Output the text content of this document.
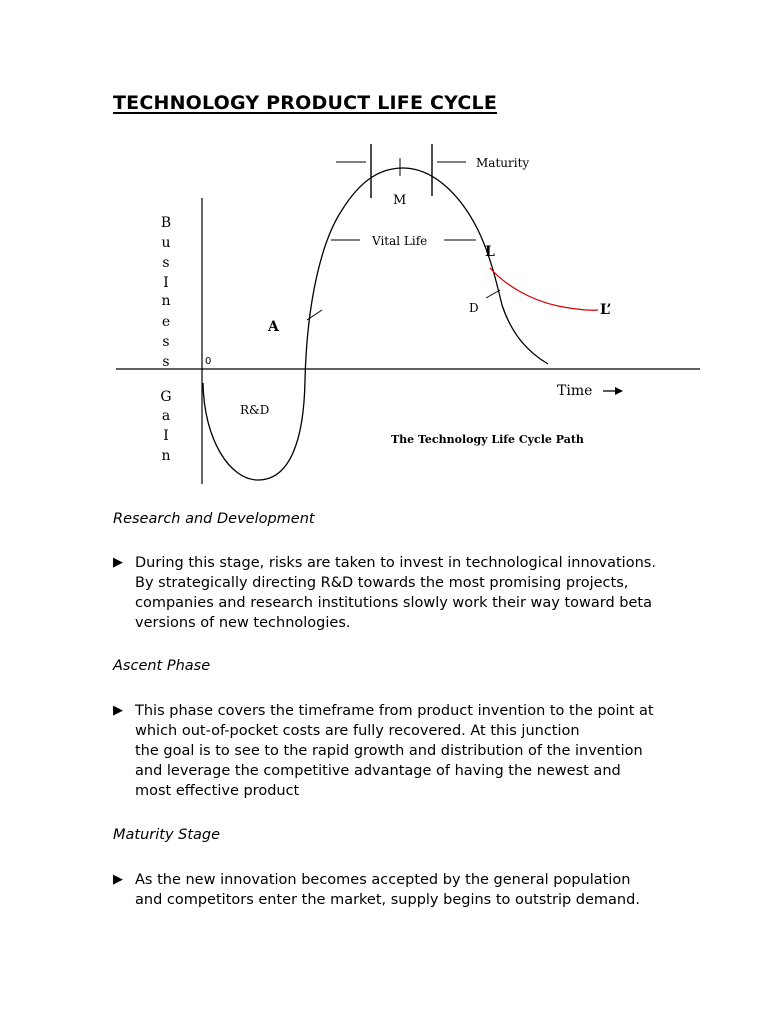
TECHNOLOGY PRODUCT LIFE CYCLE
B
u
s
I
n
e
s
s
G
a
I
n
0
Maturity
M
Vital Life
L
D	L’
A
R&D
Time
The Technology Life Cycle Path
Research and Development
▶ During this stage, risks are taken to invest in technological innovations.
By strategically directing R&D towards the most promising projects,
companies and research institutions slowly work their way toward beta
versions of new technologies.
Ascent Phase
▶ This phase covers the timeframe from product invention to the point at
which out-of-pocket costs are fully recovered. At this junction
the goal is to see to the rapid growth and distribution of the invention
and leverage the competitive advantage of having the newest and
most effective product
Maturity Stage
▶ As the new innovation becomes accepted by the general population
and competitors enter the market, supply begins to outstrip demand.
